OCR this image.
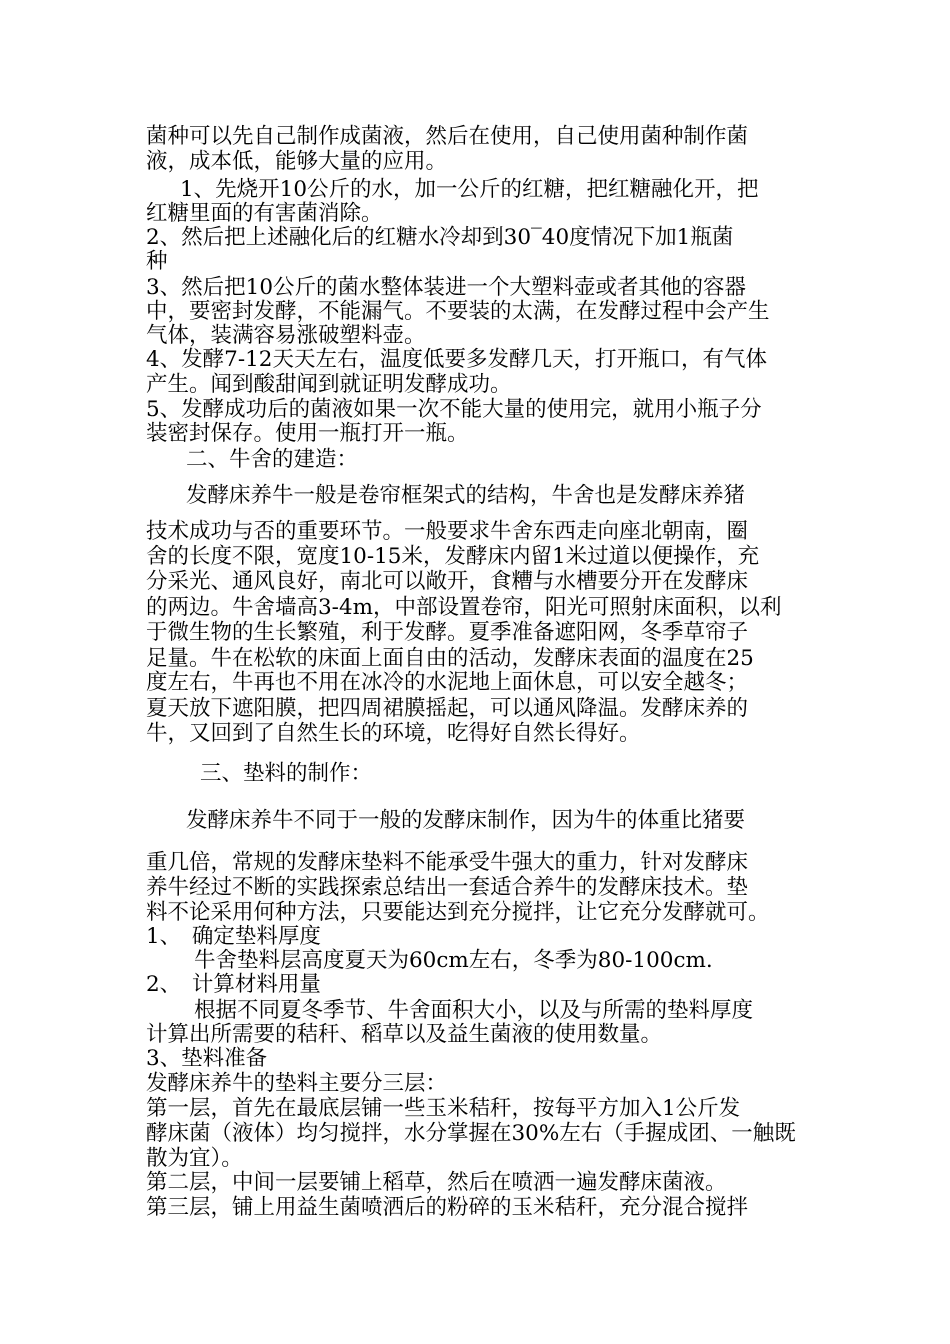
菌种可以先自己制作成菌液，然后在使用，自己使用菌种制作菌
液，成本低，能够大量的应用。
1、先烧开10公斤的水，加一公斤的红糖，把红糖融化开，把
红糖里面的有害菌消除。
2、然后把上述融化后的红糖水冷却到30‾40度情况下加1瓶菌
种
3、然后把10公斤的菌水整体装进一个大塑料壶或者其他的容器
中，要密封发酵，不能漏气。不要装的太满，在发酵过程中会产生
气体，装满容易涨破塑料壶。
4、发酵7-12天天左右，温度低要多发酵几天，打开瓶口，有气体
产生。闻到酸甜闻到就证明发酵成功。
5、发酵成功后的菌液如果一次不能大量的使用完，就用小瓶子分
装密封保存。使用一瓶打开一瓶。
二、牛舍的建造：
发酵床养牛一般是卷帘框架式的结构，牛舍也是发酵床养猪
技术成功与否的重要环节。一般要求牛舍东西走向座北朝南，圈
舍的长度不限，宽度10-15米，发酵床内留1米过道以便操作，充
分采光、通风良好，南北可以敞开，食糟与水槽要分开在发酵床
的两边。牛舍墙高3-4m，中部设置卷帘，阳光可照射床面积，以利
于微生物的生长繁殖，利于发酵。夏季准备遮阳网，冬季草帘子
足量。牛在松软的床面上面自由的活动，发酵床表面的温度在25
度左右，牛再也不用在冰冷的水泥地上面休息，可以安全越冬；
夏天放下遮阳膜，把四周裙膜摇起，可以通风降温。发酵床养的
牛，又回到了自然生长的环境，吃得好自然长得好。
三、垫料的制作：
发酵床养牛不同于一般的发酵床制作，因为牛的体重比猪要
重几倍，常规的发酵床垫料不能承受牛强大的重力，针对发酵床
养牛经过不断的实践探索总结出一套适合养牛的发酵床技术。垫
料不论采用何种方法，只要能达到充分搅拌，让它充分发酵就可。
1、　确定垫料厚度
牛舍垫料层高度夏天为60cm左右，冬季为80-100cm.
2、　计算材料用量
根据不同夏冬季节、牛舍面积大小，以及与所需的垫料厚度
计算出所需要的秸秆、稻草以及益生菌液的使用数量。
3、垫料准备
发酵床养牛的垫料主要分三层：
第一层，首先在最底层铺一些玉米秸秆，按每平方加入1公斤发
酵床菌（液体）均匀搅拌，水分掌握在30%左右（手握成团、一触既
散为宜）。
第二层，中间一层要铺上稻草，然后在喷洒一遍发酵床菌液。
第三层，铺上用益生菌喷洒后的粉碎的玉米秸秆，充分混合搅拌
